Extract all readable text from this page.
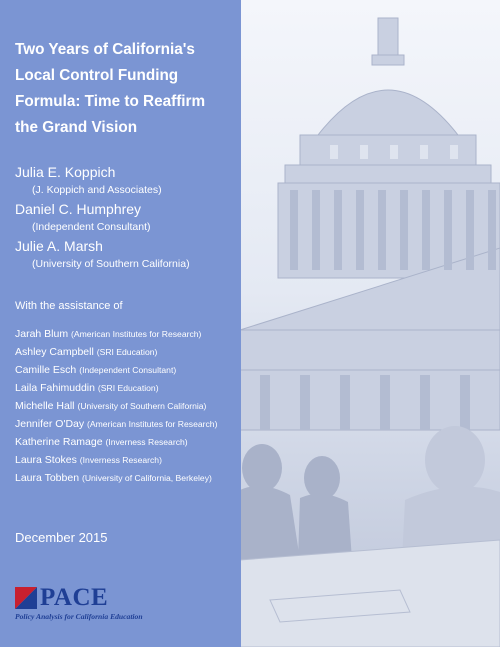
Two Years of California's Local Control Funding Formula: Time to Reaffirm the Grand Vision

Julia E. Koppich

(J. Koppich and Associates)

Daniel C. Humphrey

(Independent Consultant)

Julie A. Marsh

(University of Southern California)

With the assistance of

Jarah Blum (American Institutes for Research)
Ashley Campbell (SRI Education)
Camille Esch (Independent Consultant)
Laila Fahimuddin (SRI Education)
Michelle Hall (University of Southern California)
Jennifer O'Day (American Institutes for Research)
Katherine Ramage (Inverness Research)
Laura Stokes (Inverness Research)
Laura Tobben (University of California, Berkeley)

December 2015

PACE
Policy Analysis for California Education
